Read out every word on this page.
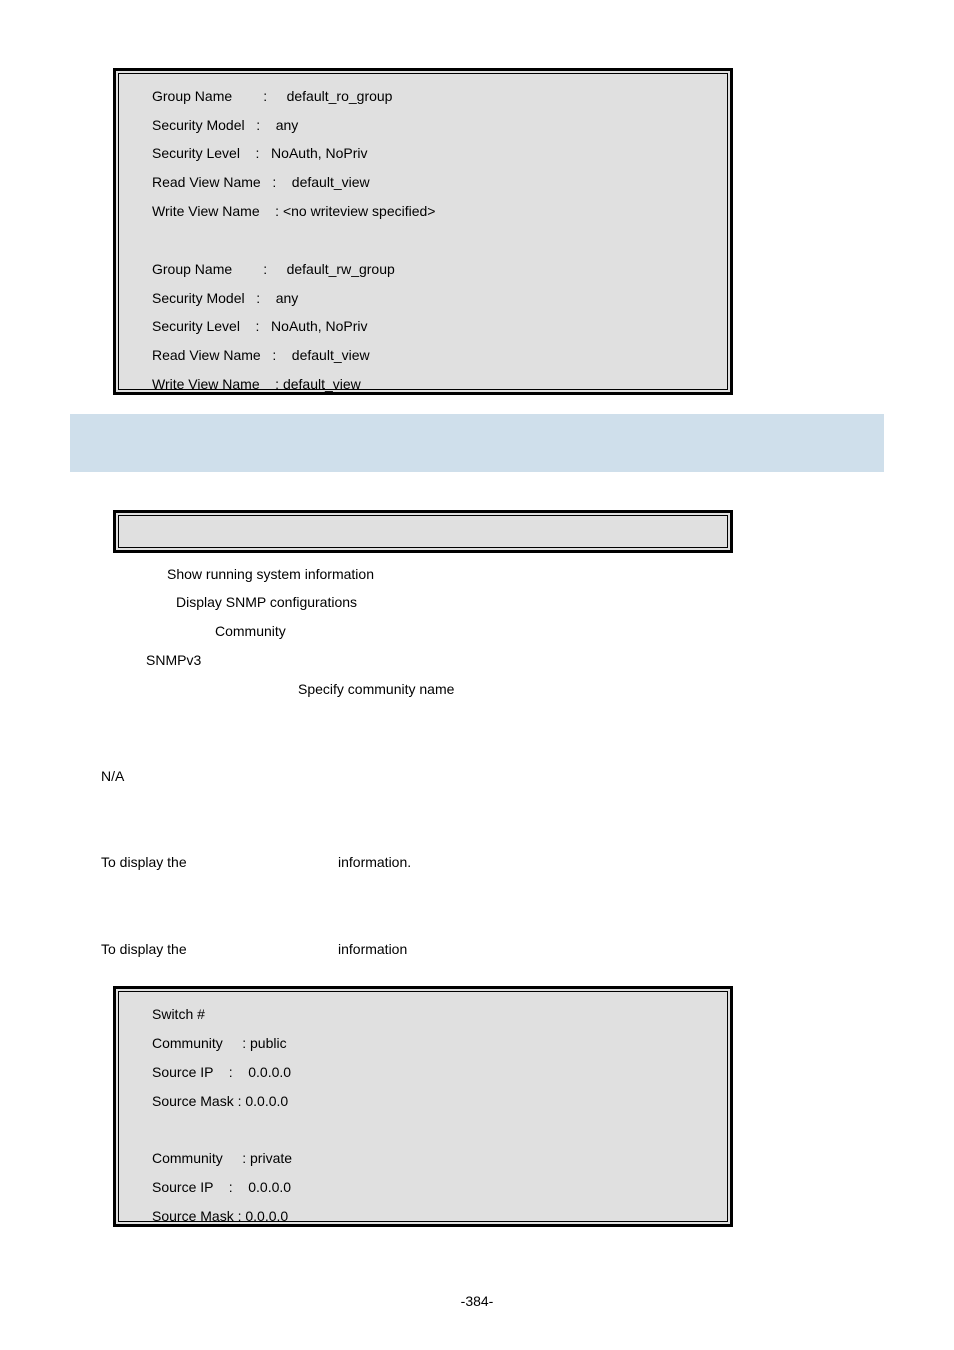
Group Name        :     default_ro_group
Security Model   :    any
Security Level    :   NoAuth, NoPriv
Read View Name   :    default_view
Write View Name    : <no writeview specified>
Group Name        :     default_rw_group
Security Model   :    any
Security Level    :   NoAuth, NoPriv
Read View Name   :    default_view
Write View Name    : default_view
Show running system information
Display SNMP configurations
Community
SNMPv3
Specify community name
N/A
To display the	information.
To display the	information
Switch #
Community     : public
Source IP    :    0.0.0.0
Source Mask : 0.0.0.0
Community     : private
Source IP    :    0.0.0.0
Source Mask : 0.0.0.0
-384-
